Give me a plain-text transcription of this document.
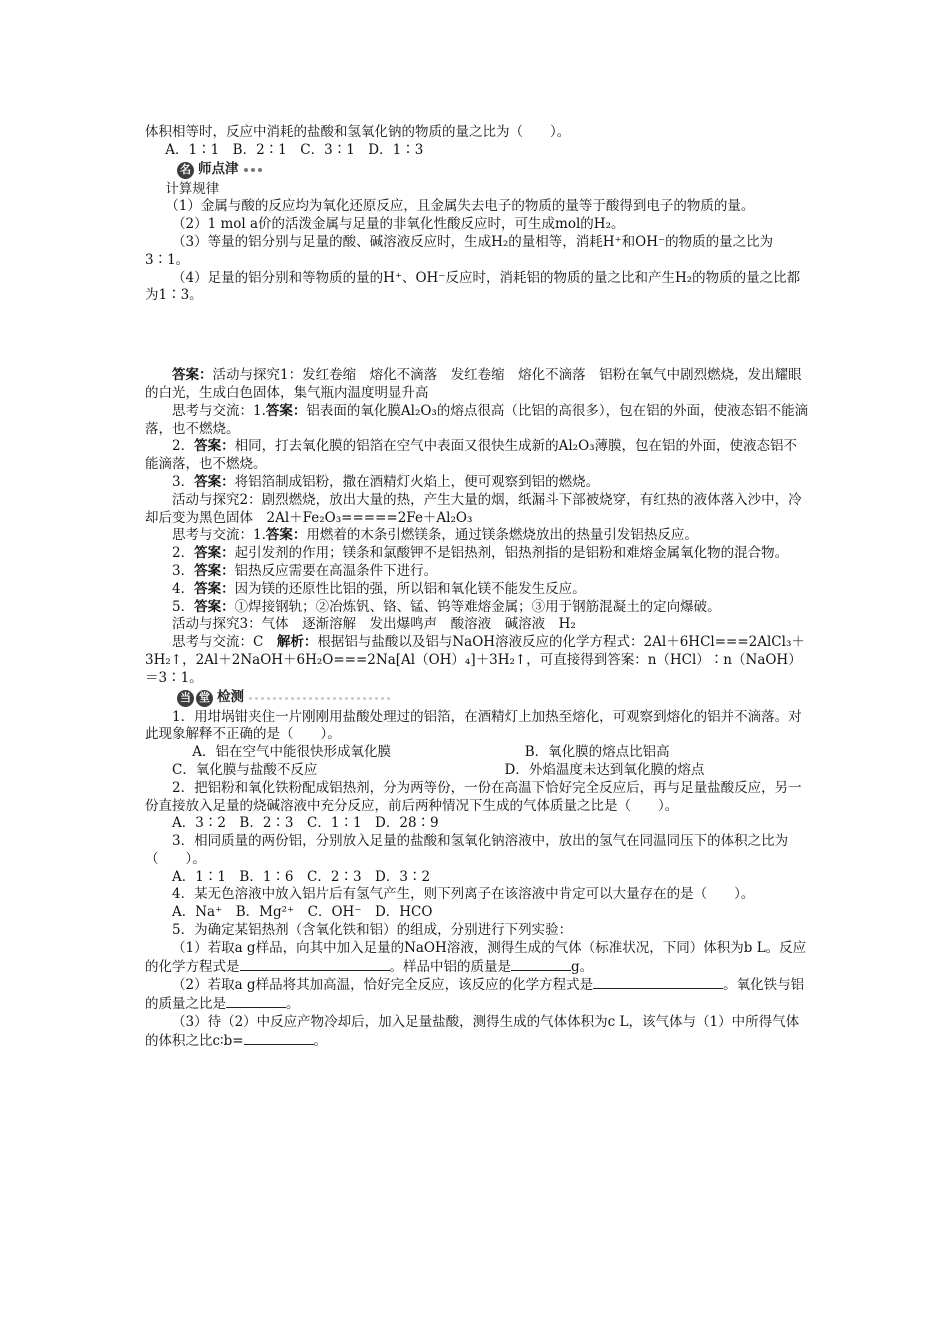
体积相等时，反应中消耗的盐酸和氢氧化钠的物质的量之比为（　　）。

A．1∶1　B．2∶1　C．3∶1　D．1∶3

名 师点津

计算规律

（1）金属与酸的反应均为氧化还原反应，且金属失去电子的物质的量等于酸得到电子的物质的量。

（2）1 mol a价的活泼金属与足量的非氧化性酸反应时，可生成mol的H₂。

（3）等量的铝分别与足量的酸、碱溶液反应时，生成H₂的量相等，消耗H⁺和OH⁻的物质的量之比为3∶1。

（4）足量的铝分别和等物质的量的H⁺、OH⁻反应时，消耗铝的物质的量之比和产生H₂的物质的量之比都为1∶3。

答案：活动与探究1：发红卷缩　熔化不滴落　发红卷缩　熔化不滴落　铝粉在氧气中剧烈燃烧，发出耀眼的白光，生成白色固体，集气瓶内温度明显升高

思考与交流：1.答案：铝表面的氧化膜Al₂O₃的熔点很高（比铝的高很多），包在铝的外面，使液态铝不能滴落，也不燃烧。

2．答案：相同，打去氧化膜的铝箔在空气中表面又很快生成新的Al₂O₃薄膜，包在铝的外面，使液态铝不能滴落，也不燃烧。

3．答案：将铝箔制成铝粉，撒在酒精灯火焰上，便可观察到铝的燃烧。

活动与探究2：剧烈燃烧，放出大量的热，产生大量的烟，纸漏斗下部被烧穿，有红热的液体落入沙中，冷却后变为黑色固体　2Al＋Fe₂O₃=====2Fe＋Al₂O₃

思考与交流：1.答案：用燃着的木条引燃镁条，通过镁条燃烧放出的热量引发铝热反应。

2．答案：起引发剂的作用；镁条和氯酸钾不是铝热剂，铝热剂指的是铝粉和难熔金属氧化物的混合物。

3．答案：铝热反应需要在高温条件下进行。

4．答案：因为镁的还原性比铝的强，所以铝和氧化镁不能发生反应。

5．答案：①焊接钢轨；②冶炼钒、铬、锰、钨等难熔金属；③用于钢筋混凝土的定向爆破。

活动与探究3：气体　逐渐溶解　发出爆鸣声　酸溶液　碱溶液　H₂

思考与交流：C　解析：根据铝与盐酸以及铝与NaOH溶液反应的化学方程式：2Al＋6HCl===2AlCl₃＋3H₂↑，2Al＋2NaOH＋6H₂O===2Na[Al（OH）₄]＋3H₂↑，可直接得到答案：n（HCl）∶n（NaOH）＝3∶1。

当 堂 检测

1．用坩埚钳夹住一片刚刚用盐酸处理过的铝箔，在酒精灯上加热至熔化，可观察到熔化的铝并不滴落。对此现象解释不正确的是（　　）。

A．铝在空气中能很快形成氧化膜	B．氧化膜的熔点比铝高
C．氧化膜与盐酸不反应	D．外焰温度未达到氧化膜的熔点

2．把铝粉和氧化铁粉配成铝热剂，分为两等份，一份在高温下恰好完全反应后，再与足量盐酸反应，另一份直接放入足量的烧碱溶液中充分反应，前后两种情况下生成的气体质量之比是（　　）。

A．3∶2　B．2∶3　C．1∶1　D．28∶9

3．相同质量的两份铝，分别放入足量的盐酸和氢氧化钠溶液中，放出的氢气在同温同压下的体积之比为（　　）。

A．1∶1　B．1∶6　C．2∶3　D．3∶2

4．某无色溶液中放入铝片后有氢气产生，则下列离子在该溶液中肯定可以大量存在的是（　　）。

A．Na⁺　B．Mg²⁺　C．OH⁻　D．HCO

5．为确定某铝热剂（含氧化铁和铝）的组成，分别进行下列实验：

（1）若取a g样品，向其中加入足量的NaOH溶液，测得生成的气体（标准状况，下同）体积为b L。反应的化学方程式是	。样品中铝的质量是	g。

（2）若取a g样品将其加高温，恰好完全反应，该反应的化学方程式是	。氧化铁与铝的质量之比是	。

（3）待（2）中反应产物冷却后，加入足量盐酸，测得生成的气体体积为c L，该气体与（1）中所得气体的体积之比c∶b=	。
